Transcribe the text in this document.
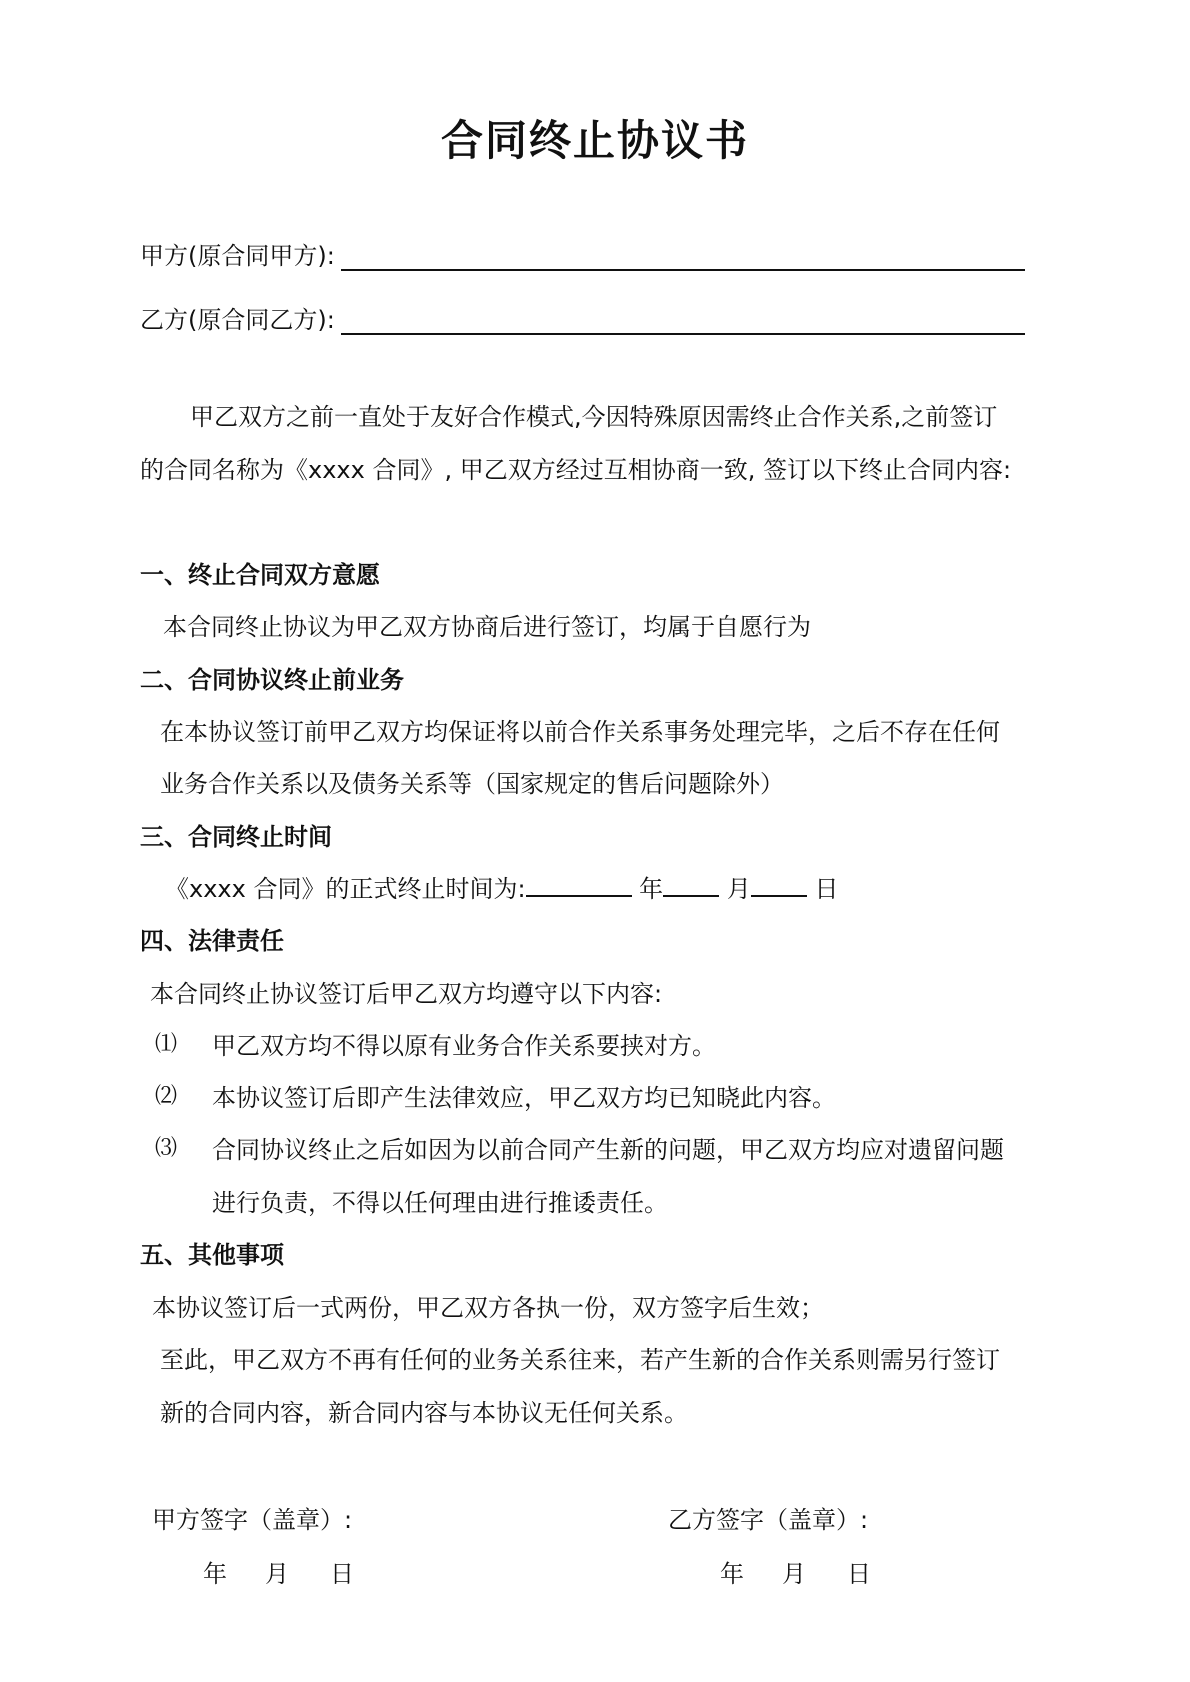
合同终止协议书
甲方(原合同甲方):
乙方(原合同乙方):
甲乙双方之前一直处于友好合作模式,今因特殊原因需终止合作关系,之前签订
的合同名称为《xxxx 合同》, 甲乙双方经过互相协商一致, 签订以下终止合同内容:
一、终止合同双方意愿
本合同终止协议为甲乙双方协商后进行签订，均属于自愿行为
二、合同协议终止前业务
在本协议签订前甲乙双方均保证将以前合作关系事务处理完毕，之后不存在任何
业务合作关系以及债务关系等（国家规定的售后问题除外）
三、合同终止时间
《xxxx 合同》的正式终止时间为:	年	月	日
四、法律责任
本合同终止协议签订后甲乙双方均遵守以下内容:
⑴ 甲乙双方均不得以原有业务合作关系要挟对方。
⑵ 本协议签订后即产生法律效应，甲乙双方均已知晓此内容。
⑶ 合同协议终止之后如因为以前合同产生新的问题，甲乙双方均应对遗留问题
进行负责，不得以任何理由进行推诿责任。
五、其他事项
本协议签订后一式两份，甲乙双方各执一份，双方签字后生效；
至此，甲乙双方不再有任何的业务关系往来，若产生新的合作关系则需另行签订
新的合同内容，新合同内容与本协议无任何关系。
甲方签字（盖章）:	乙方签字（盖章）:
年 月 日	年 月 日
